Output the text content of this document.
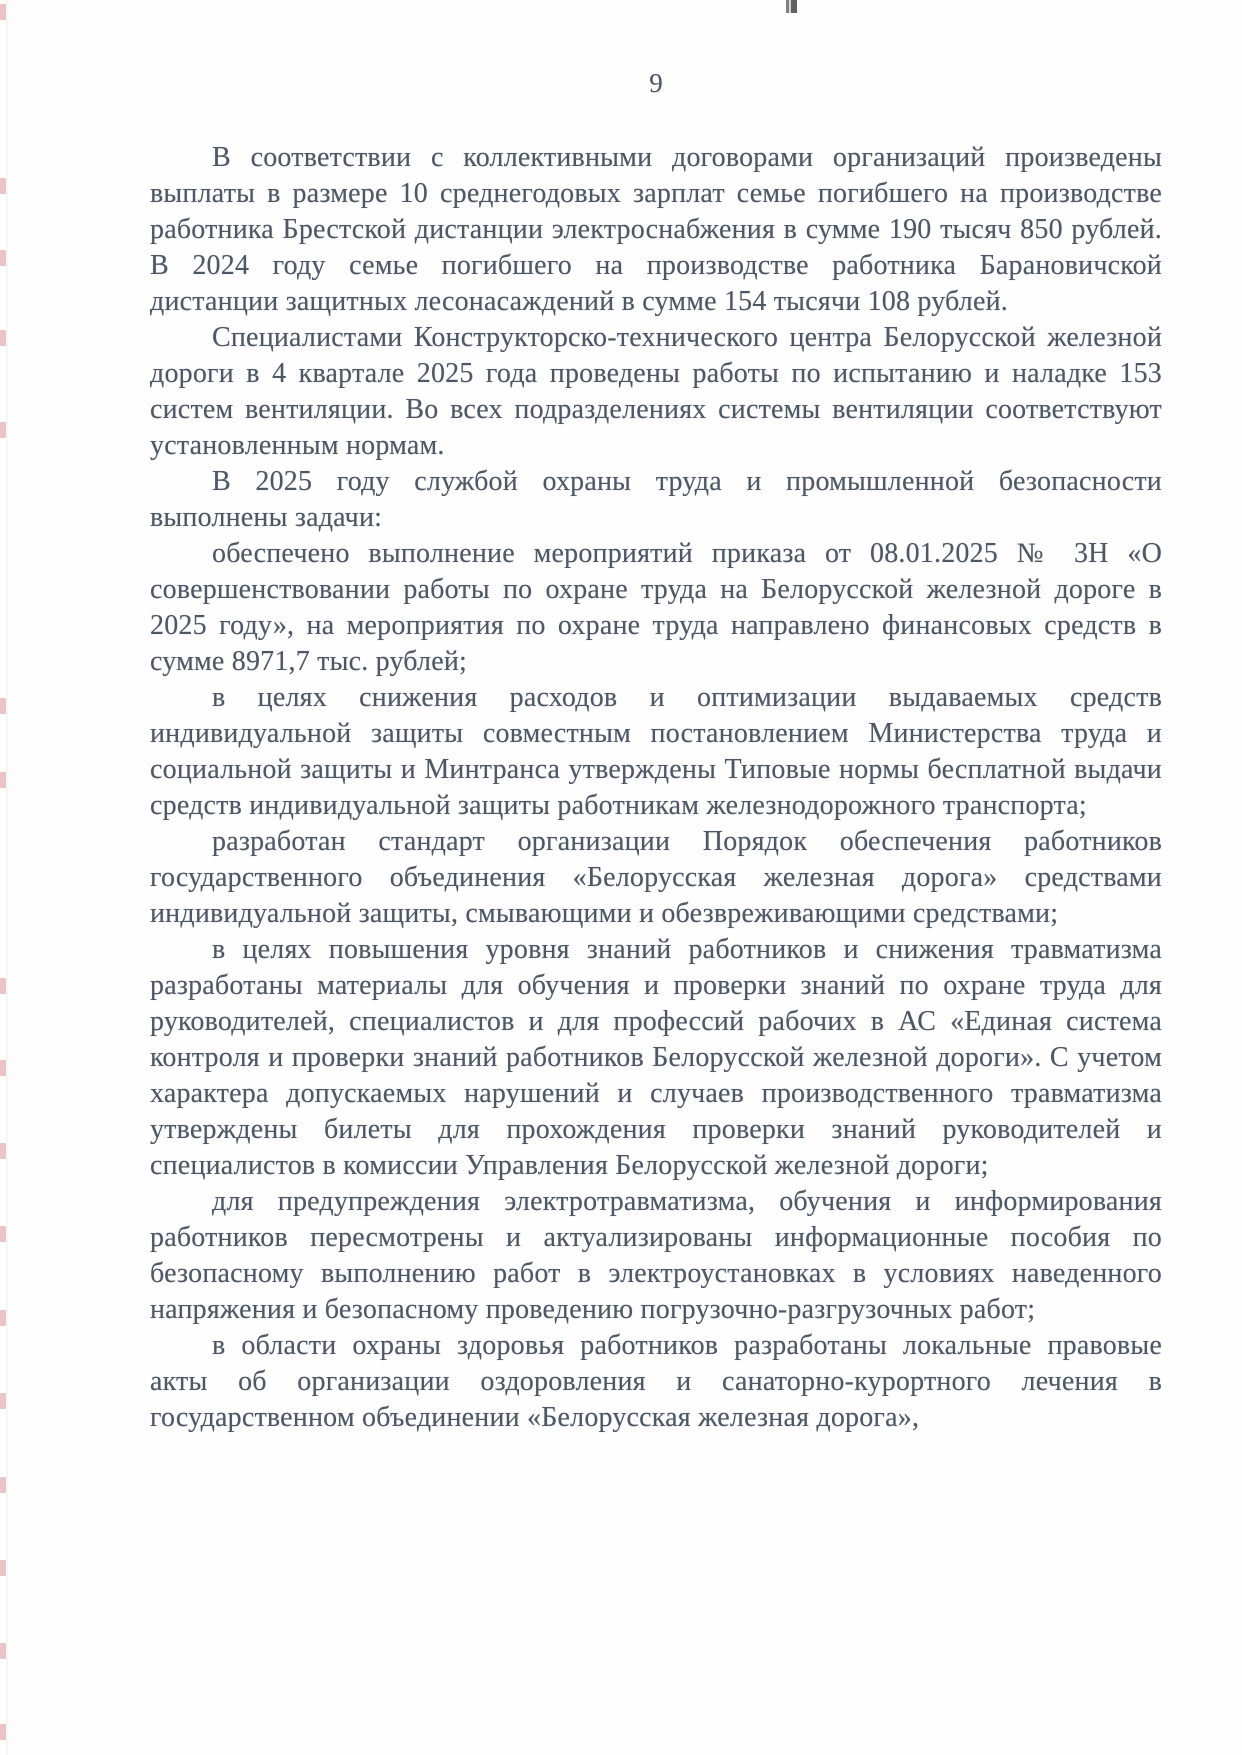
9

В соответствии с коллективными договорами организаций произведены выплаты в размере 10 среднегодовых зарплат семье погибшего на производстве работника Брестской дистанции электроснабжения в сумме 190 тысяч 850 рублей. В 2024 году семье погибшего на производстве работника Барановичской дистанции защитных лесонасаждений в сумме 154 тысячи 108 рублей.

Специалистами Конструкторско-технического центра Белорусской железной дороги в 4 квартале 2025 года проведены работы по испытанию и наладке 153 систем вентиляции. Во всех подразделениях системы вентиляции соответствуют установленным нормам.

В 2025 году службой охраны труда и промышленной безопасности выполнены задачи:

обеспечено выполнение мероприятий приказа от 08.01.2025 № 3Н «О совершенствовании работы по охране труда на Белорусской железной дороге в 2025 году», на мероприятия по охране труда направлено финансовых средств в сумме 8971,7 тыс. рублей;

в целях снижения расходов и оптимизации выдаваемых средств индивидуальной защиты совместным постановлением Министерства труда и социальной защиты и Минтранса утверждены Типовые нормы бесплатной выдачи средств индивидуальной защиты работникам железнодорожного транспорта;

разработан стандарт организации Порядок обеспечения работников государственного объединения «Белорусская железная дорога» средствами индивидуальной защиты, смывающими и обезвреживающими средствами;

в целях повышения уровня знаний работников и снижения травматизма разработаны материалы для обучения и проверки знаний по охране труда для руководителей, специалистов и для профессий рабочих в АС «Единая система контроля и проверки знаний работников Белорусской железной дороги». С учетом характера допускаемых нарушений и случаев производственного травматизма утверждены билеты для прохождения проверки знаний руководителей и специалистов в комиссии Управления Белорусской железной дороги;

для предупреждения электротравматизма, обучения и информирования работников пересмотрены и актуализированы информационные пособия по безопасному выполнению работ в электроустановках в условиях наведенного напряжения и безопасному проведению погрузочно-разгрузочных работ;

в области охраны здоровья работников разработаны локальные правовые акты об организации оздоровления и санаторно-курортного лечения в государственном объединении «Белорусская железная дорога»,
